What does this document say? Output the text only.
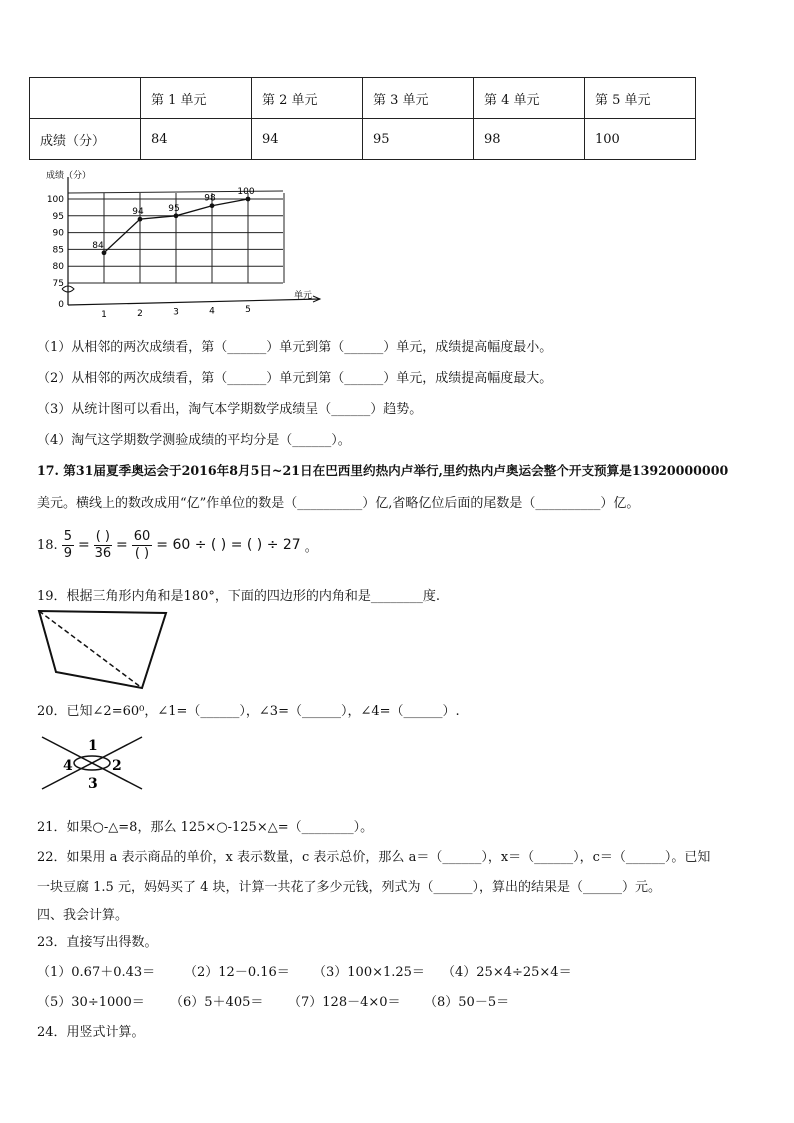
	第 1 单元	第 2 单元	第 3 单元	第 4 单元	第 5 单元
成绩（分）	84	94	95	98	100
100
95
90
85
80
75
0
1	2	3	4	5
84
94	95
98
100
成绩（分）
单元
（1）从相邻的两次成绩看，第（______）单元到第（______）单元，成绩提高幅度最小。
（2）从相邻的两次成绩看，第（______）单元到第（______）单元，成绩提高幅度最大。
（3）从统计图可以看出，淘气本学期数学成绩呈（______）趋势。
（4）淘气这学期数学测验成绩的平均分是（______）。
17. 第31届夏季奥运会于2016年8月5日~21日在巴西里约热内卢举行,里约热内卢奥运会整个开支预算是13920000000
美元。横线上的数改成用“亿”作单位的数是（__________）亿,省略亿位后面的尾数是（__________）亿。
18. $\frac{5}{9} = \frac{( )}{36} = \frac{60}{( )} = 60$ ÷ ( ) = ( ) ÷ 27 。
19．根据三角形内角和是180°，下面的四边形的内角和是________度.
20．已知∠2=60⁰，∠1=（______），∠3=（______），∠4=（______）.
1
2
3
4
21．如果○-△=8，那么 125×○-125×△=（________）。
22．如果用 a 表示商品的单价，x 表示数量，c 表示总价，那么 a＝（______），x＝（______），c＝（______）。已知
一块豆腐 1.5 元，妈妈买了 4 块，计算一共花了多少元钱，列式为（______），算出的结果是（______）元。
四、我会计算。
23．直接写出得数。
（1）0.67＋0.43＝ （2）12－0.16＝ （3）100×1.25＝ （4）25×4÷25×4＝
（5）30÷1000＝ （6）5＋405＝ （7）128－4×0＝ （8）50－5＝
24．用竖式计算。
